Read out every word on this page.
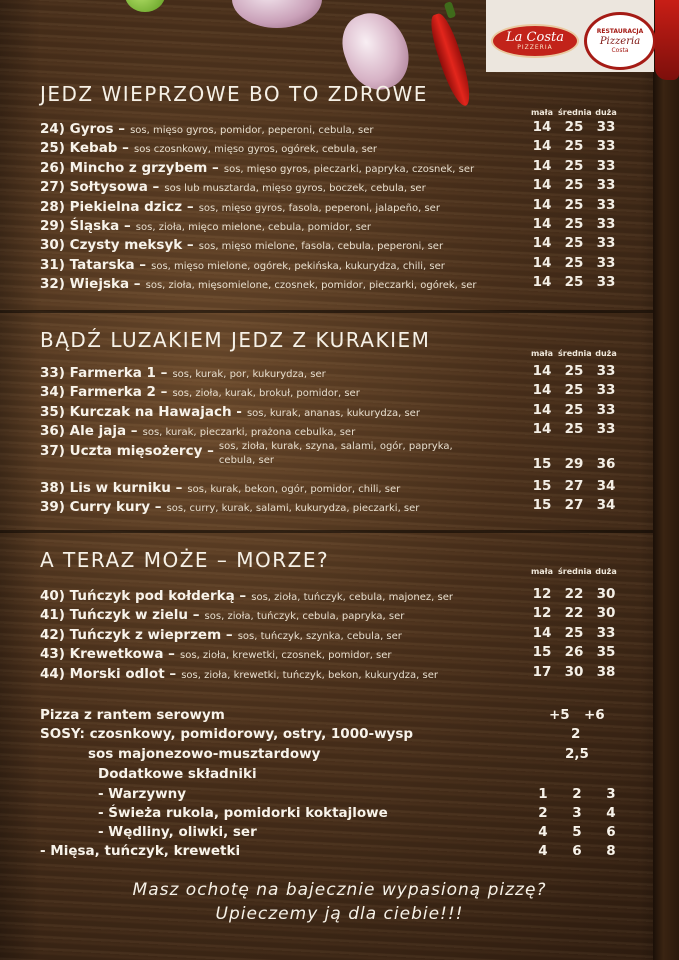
La Costa
PIZZERIA
RESTAURACJA
Pizzeria
Costa
JEDZ WIEPRZOWE BO TO ZDROWE
mała średnia duża
24) Gyros – sos, mięso gyros, pomidor, peperoni, cebula, ser	14 25 33
25) Kebab – sos czosnkowy, mięso gyros, ogórek, cebula, ser	14 25 33
26) Mincho z grzybem – sos, mięso gyros, pieczarki, papryka, czosnek, ser	14 25 33
27) Sołtysowa – sos lub musztarda, mięso gyros, boczek, cebula, ser	14 25 33
28) Piekielna dzicz – sos, mięso gyros, fasola, peperoni, jalapeño, ser	14 25 33
29) Śląska – sos, zioła, mięco mielone, cebula, pomidor, ser	14 25 33
30) Czysty meksyk – sos, mięso mielone, fasola, cebula, peperoni, ser	14 25 33
31) Tatarska – sos, mięso mielone, ogórek, pekińska, kukurydza, chili, ser	14 25 33
32) Wiejska – sos, zioła, mięsomielone, czosnek, pomidor, pieczarki, ogórek, ser	14 25 33
BĄDŹ LUZAKIEM JEDZ Z KURAKIEM
mała średnia duża
33) Farmerka 1 – sos, kurak, por, kukurydza, ser	14 25 33
34) Farmerka 2 – sos, zioła, kurak, brokuł, pomidor, ser	14 25 33
35) Kurczak na Hawajach - sos, kurak, ananas, kukurydza, ser	14 25 33
36) Ale jaja – sos, kurak, pieczarki, prażona cebulka, ser	14 25 33
37) Uczta mięsożercy – sos, zioła, kurak, szyna, salami, ogór, papryka, cebula, ser	15 29 36
38) Lis w kurniku – sos, kurak, bekon, ogór, pomidor, chili, ser	15 27 34
39) Curry kury – sos, curry, kurak, salami, kukurydza, pieczarki, ser	15 27 34
A TERAZ MOŻE – MORZE?	mała średnia duża
40) Tuńczyk pod kołderką – sos, zioła, tuńczyk, cebula, majonez, ser	12 22 30
41) Tuńczyk w zielu – sos, zioła, tuńczyk, cebula, papryka, ser	12 22 30
42) Tuńczyk z wieprzem – sos, tuńczyk, szynka, cebula, ser	14 25 33
43) Krewetkowa – sos, zioła, krewetki, czosnek, pomidor, ser	15 26 35
44) Morski odlot – sos, zioła, krewetki, tuńczyk, bekon, kukurydza, ser	17 30 38
Pizza z rantem serowym	+5 +6
SOSY: czosnkowy, pomidorowy, ostry, 1000-wysp	2
sos majonezowo-musztardowy	2,5
Dodatkowe składniki
- Warzywny	1	2	3
- Świeża rukola, pomidorki koktajlowe	2	3	4
- Wędliny, oliwki, ser	4	5	6
- Mięsa, tuńczyk, krewetki	4	6	8
Masz ochotę na bajecznie wypasioną pizzę?
Upieczemy ją dla ciebie!!!
